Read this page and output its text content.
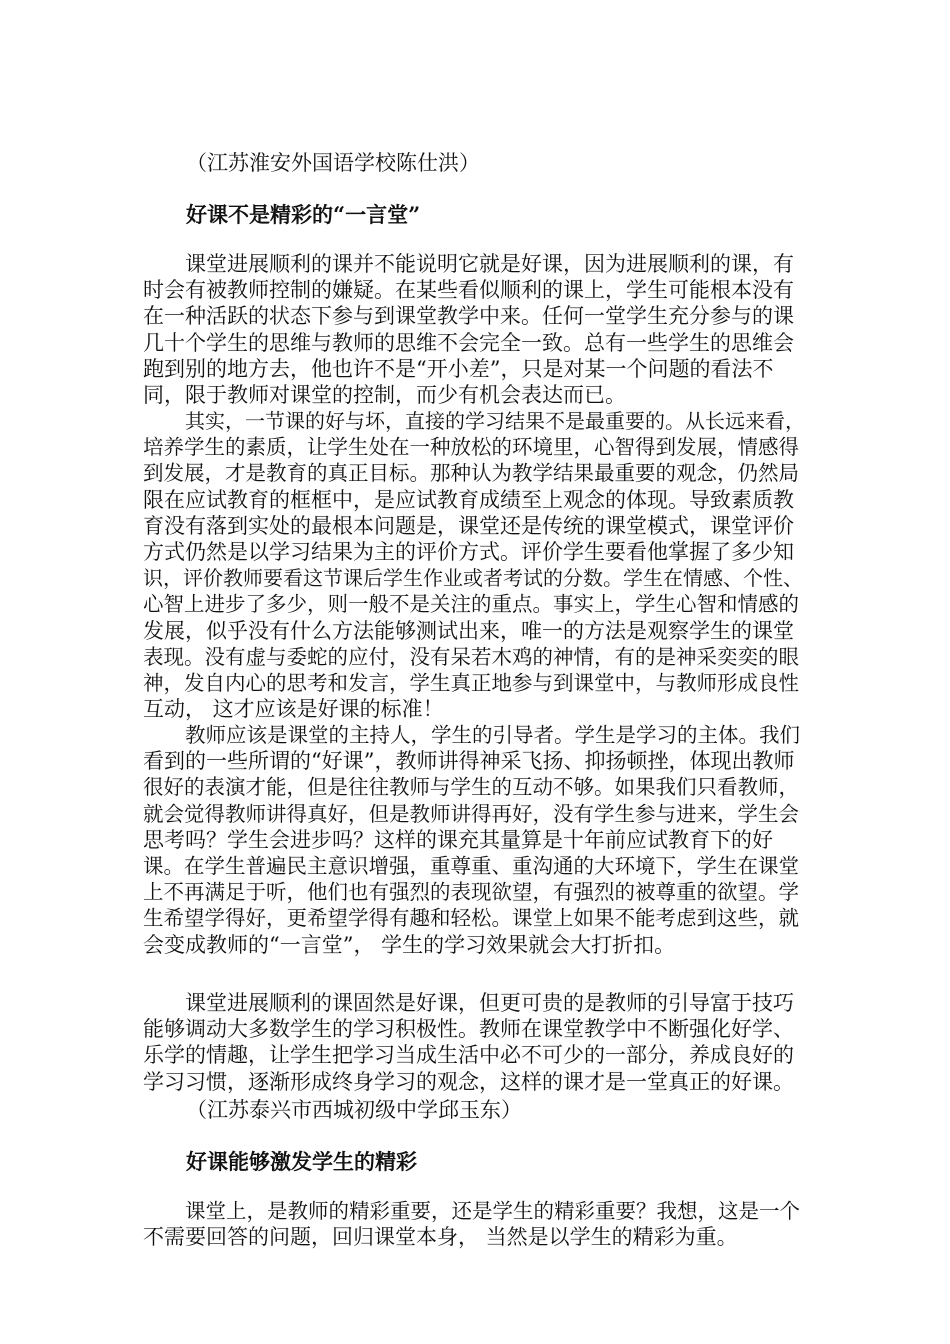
（江苏淮安外国语学校陈仕洪）
好课不是精彩的“一言堂”
课堂进展顺利的课并不能说明它就是好课，因为进展顺利的课，有
时会有被教师控制的嫌疑。在某些看似顺利的课上，学生可能根本没有
在一种活跃的状态下参与到课堂教学中来。任何一堂学生充分参与的课
几十个学生的思维与教师的思维不会完全一致。总有一些学生的思维会
跑到别的地方去，他也许不是“开小差”，只是对某一个问题的看法不
同，限于教师对课堂的控制，而少有机会表达而已。
其实，一节课的好与坏，直接的学习结果不是最重要的。从长远来看，
培养学生的素质，让学生处在一种放松的环境里，心智得到发展，情感得
到发展，才是教育的真正目标。那种认为教学结果最重要的观念，仍然局
限在应试教育的框框中，是应试教育成绩至上观念的体现。导致素质教
育没有落到实处的最根本问题是，课堂还是传统的课堂模式，课堂评价
方式仍然是以学习结果为主的评价方式。评价学生要看他掌握了多少知
识，评价教师要看这节课后学生作业或者考试的分数。学生在情感、个性、
心智上进步了多少，则一般不是关注的重点。事实上，学生心智和情感的
发展，似乎没有什么方法能够测试出来，唯一的方法是观察学生的课堂
表现。没有虚与委蛇的应付，没有呆若木鸡的神情，有的是神采奕奕的眼
神，发自内心的思考和发言，学生真正地参与到课堂中，与教师形成良性
互动， 这才应该是好课的标准！
教师应该是课堂的主持人，学生的引导者。学生是学习的主体。我们
看到的一些所谓的“好课”，教师讲得神采飞扬、抑扬顿挫，体现出教师
很好的表演才能，但是往往教师与学生的互动不够。如果我们只看教师，
就会觉得教师讲得真好，但是教师讲得再好，没有学生参与进来，学生会
思考吗？学生会进步吗？这样的课充其量算是十年前应试教育下的好
课。在学生普遍民主意识增强，重尊重、重沟通的大环境下，学生在课堂
上不再满足于听，他们也有强烈的表现欲望，有强烈的被尊重的欲望。学
生希望学得好，更希望学得有趣和轻松。课堂上如果不能考虑到这些，就
会变成教师的“一言堂”， 学生的学习效果就会大打折扣。
课堂进展顺利的课固然是好课，但更可贵的是教师的引导富于技巧
能够调动大多数学生的学习积极性。教师在课堂教学中不断强化好学、
乐学的情趣，让学生把学习当成生活中必不可少的一部分，养成良好的
学习习惯，逐渐形成终身学习的观念，这样的课才是一堂真正的好课。
（江苏泰兴市西城初级中学邱玉东）
好课能够激发学生的精彩
课堂上，是教师的精彩重要，还是学生的精彩重要？我想，这是一个
不需要回答的问题，回归课堂本身， 当然是以学生的精彩为重。
